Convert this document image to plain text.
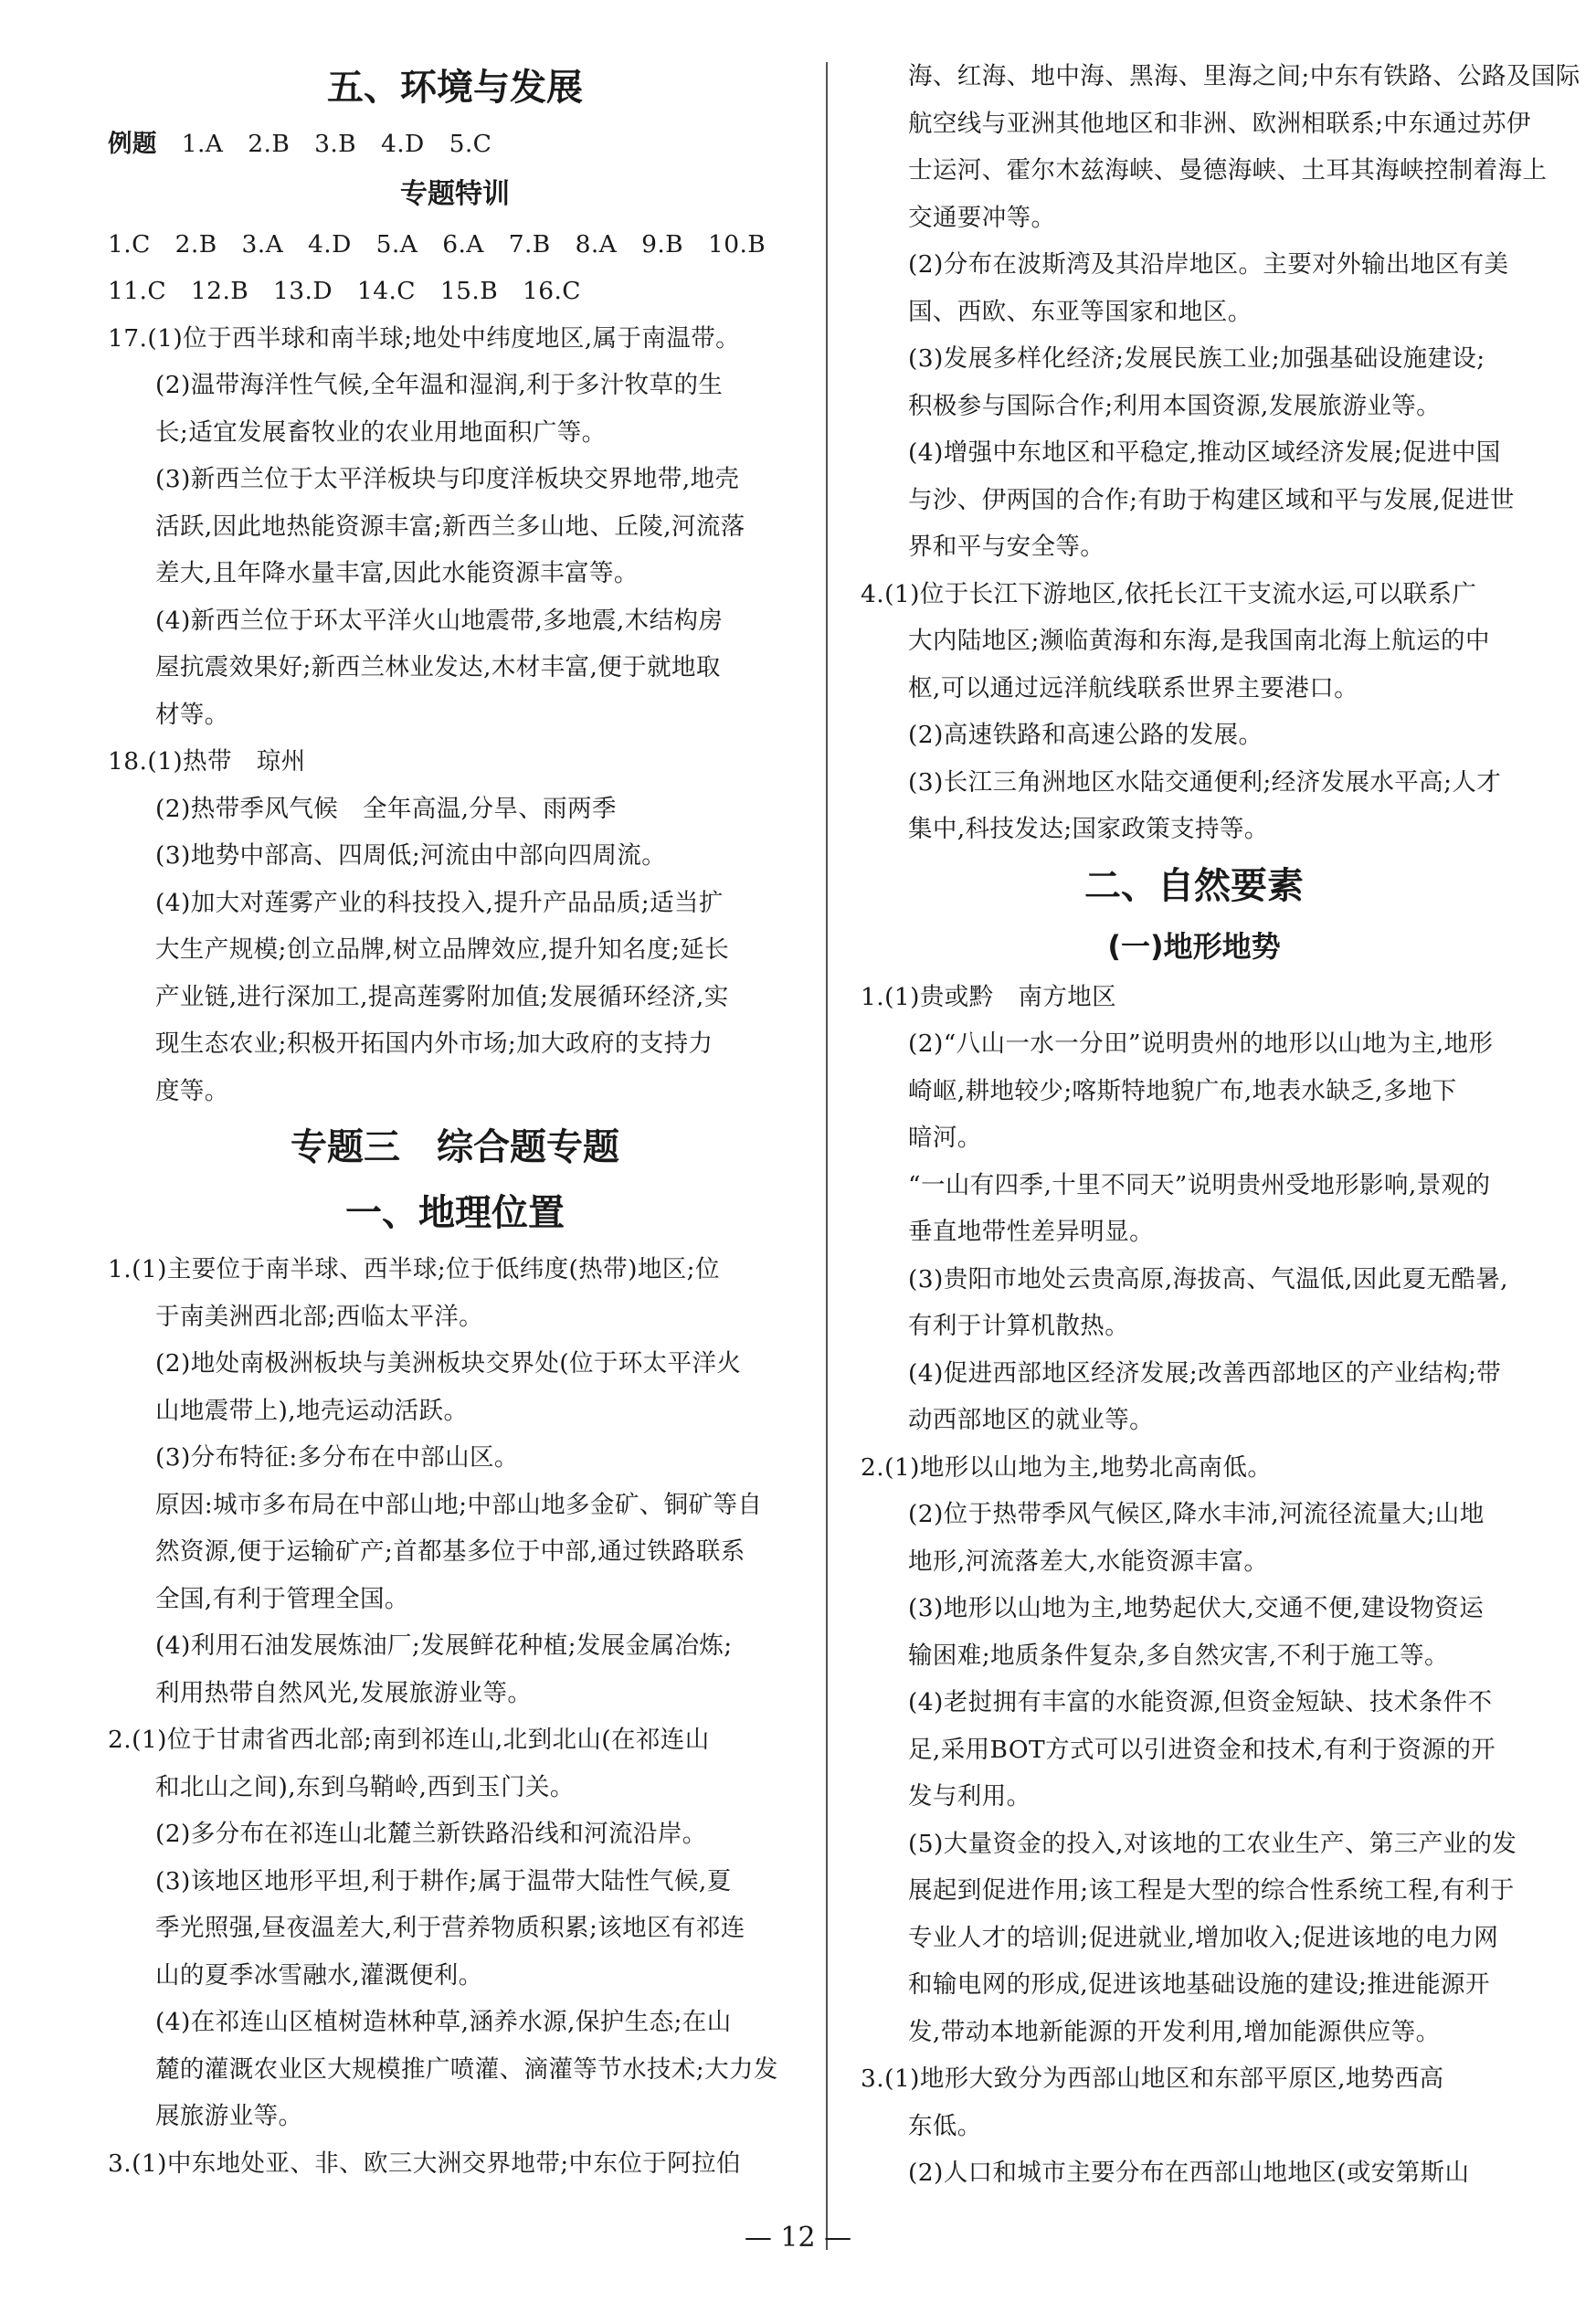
五、环境与发展
例题　 1.A　2.B　3.B　4.D　5.C
专题特训
1.C　2.B　3.A　4.D　5.A　6.A　7.B　8.A　9.B　10.B
11.C　12.B　13.D　14.C　15.B　16.C
17.(1)位于西半球和南半球;地处中纬度地区,属于南温带。
(2)温带海洋性气候,全年温和湿润,利于多汁牧草的生
长;适宜发展畜牧业的农业用地面积广等。
(3)新西兰位于太平洋板块与印度洋板块交界地带,地壳
活跃,因此地热能资源丰富;新西兰多山地、丘陵,河流落
差大,且年降水量丰富,因此水能资源丰富等。
(4)新西兰位于环太平洋火山地震带,多地震,木结构房
屋抗震效果好;新西兰林业发达,木材丰富,便于就地取
材等。
18.(1)热带　琼州
(2)热带季风气候　全年高温,分旱、雨两季
(3)地势中部高、四周低;河流由中部向四周流。
(4)加大对莲雾产业的科技投入,提升产品品质;适当扩
大生产规模;创立品牌,树立品牌效应,提升知名度;延长
产业链,进行深加工,提高莲雾附加值;发展循环经济,实
现生态农业;积极开拓国内外市场;加大政府的支持力
度等。
专题三　综合题专题
一、地理位置
1.(1)主要位于南半球、西半球;位于低纬度(热带)地区;位
于南美洲西北部;西临太平洋。
(2)地处南极洲板块与美洲板块交界处(位于环太平洋火
山地震带上),地壳运动活跃。
(3)分布特征:多分布在中部山区。
原因:城市多布局在中部山地;中部山地多金矿、铜矿等自
然资源,便于运输矿产;首都基多位于中部,通过铁路联系
全国,有利于管理全国。
(4)利用石油发展炼油厂;发展鲜花种植;发展金属冶炼;
利用热带自然风光,发展旅游业等。
2.(1)位于甘肃省西北部;南到祁连山,北到北山(在祁连山
和北山之间),东到乌鞘岭,西到玉门关。
(2)多分布在祁连山北麓兰新铁路沿线和河流沿岸。
(3)该地区地形平坦,利于耕作;属于温带大陆性气候,夏
季光照强,昼夜温差大,利于营养物质积累;该地区有祁连
山的夏季冰雪融水,灌溉便利。
(4)在祁连山区植树造林种草,涵养水源,保护生态;在山
麓的灌溉农业区大规模推广喷灌、滴灌等节水技术;大力发
展旅游业等。
3.(1)中东地处亚、非、欧三大洲交界地带;中东位于阿拉伯
海、红海、地中海、黑海、里海之间;中东有铁路、公路及国际
航空线与亚洲其他地区和非洲、欧洲相联系;中东通过苏伊
士运河、霍尔木兹海峡、曼德海峡、土耳其海峡控制着海上
交通要冲等。
(2)分布在波斯湾及其沿岸地区。主要对外输出地区有美
国、西欧、东亚等国家和地区。
(3)发展多样化经济;发展民族工业;加强基础设施建设;
积极参与国际合作;利用本国资源,发展旅游业等。
(4)增强中东地区和平稳定,推动区域经济发展;促进中国
与沙、伊两国的合作;有助于构建区域和平与发展,促进世
界和平与安全等。
4.(1)位于长江下游地区,依托长江干支流水运,可以联系广
大内陆地区;濒临黄海和东海,是我国南北海上航运的中
枢,可以通过远洋航线联系世界主要港口。
(2)高速铁路和高速公路的发展。
(3)长江三角洲地区水陆交通便利;经济发展水平高;人才
集中,科技发达;国家政策支持等。
二、自然要素
(一)地形地势
1.(1)贵或黔　南方地区
(2)“八山一水一分田”说明贵州的地形以山地为主,地形
崎岖,耕地较少;喀斯特地貌广布,地表水缺乏,多地下
暗河。
“一山有四季,十里不同天”说明贵州受地形影响,景观的
垂直地带性差异明显。
(3)贵阳市地处云贵高原,海拔高、气温低,因此夏无酷暑,
有利于计算机散热。
(4)促进西部地区经济发展;改善西部地区的产业结构;带
动西部地区的就业等。
2.(1)地形以山地为主,地势北高南低。
(2)位于热带季风气候区,降水丰沛,河流径流量大;山地
地形,河流落差大,水能资源丰富。
(3)地形以山地为主,地势起伏大,交通不便,建设物资运
输困难;地质条件复杂,多自然灾害,不利于施工等。
(4)老挝拥有丰富的水能资源,但资金短缺、技术条件不
足,采用BOT方式可以引进资金和技术,有利于资源的开
发与利用。
(5)大量资金的投入,对该地的工农业生产、第三产业的发
展起到促进作用;该工程是大型的综合性系统工程,有利于
专业人才的培训;促进就业,增加收入;促进该地的电力网
和输电网的形成,促进该地基础设施的建设;推进能源开
发,带动本地新能源的开发利用,增加能源供应等。
3.(1)地形大致分为西部山地区和东部平原区,地势西高
东低。
(2)人口和城市主要分布在西部山地地区(或安第斯山
— 12 —
